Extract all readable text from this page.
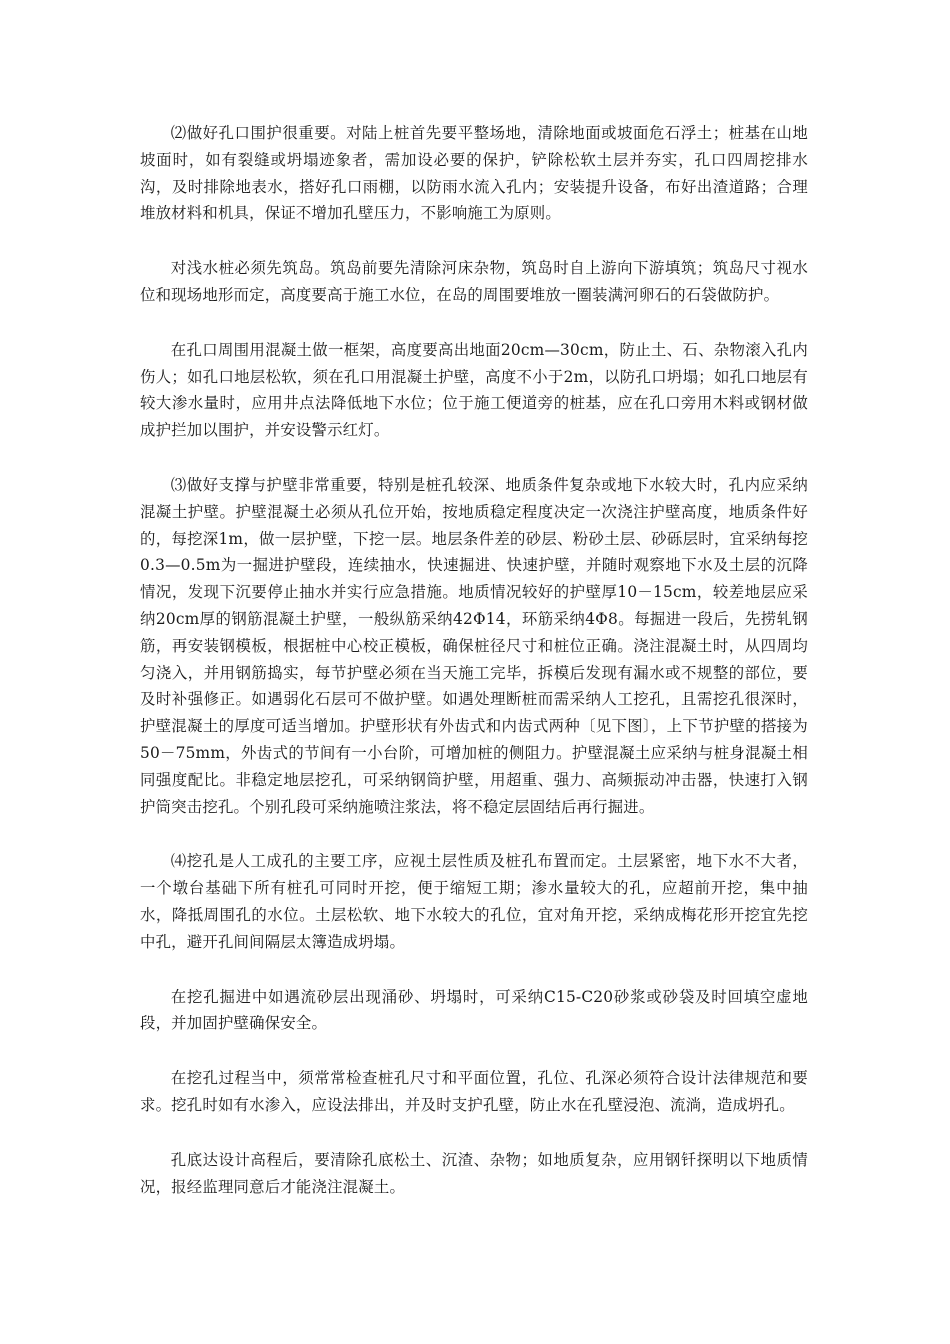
⑵做好孔口围护很重要。对陆上桩首先要平整场地，清除地面或坡面危石浮土；桩基在山地坡面时，如有裂缝或坍塌迹象者，需加设必要的保护，铲除松软土层并夯实，孔口四周挖排水沟，及时排除地表水，搭好孔口雨棚，以防雨水流入孔内；安装提升设备，布好出渣道路；合理堆放材料和机具，保证不增加孔壁压力，不影响施工为原则。

对浅水桩必须先筑岛。筑岛前要先清除河床杂物，筑岛时自上游向下游填筑；筑岛尺寸视水位和现场地形而定，高度要高于施工水位，在岛的周围要堆放一圈装满河卵石的石袋做防护。

在孔口周围用混凝土做一框架，高度要高出地面20cm—30cm，防止土、石、杂物滚入孔内伤人；如孔口地层松软，须在孔口用混凝土护壁，高度不小于2m，以防孔口坍塌；如孔口地层有较大渗水量时，应用井点法降低地下水位；位于施工便道旁的桩基，应在孔口旁用木料或钢材做成护拦加以围护，并安设警示红灯。

⑶做好支撑与护壁非常重要，特别是桩孔较深、地质条件复杂或地下水较大时，孔内应采纳混凝土护壁。护壁混凝土必须从孔位开始，按地质稳定程度决定一次浇注护壁高度，地质条件好的，每挖深1m，做一层护壁，下挖一层。地层条件差的砂层、粉砂土层、砂砾层时，宜采纳每挖0.3—0.5m为一掘进护壁段，连续抽水，快速掘进、快速护壁，并随时观察地下水及土层的沉降情况，发现下沉要停止抽水并实行应急措施。地质情况较好的护壁厚10－15cm，较差地层应采纳20cm厚的钢筋混凝土护壁，一般纵筋采纳42Φ14，环筋采纳4Φ8。每掘进一段后，先捞轧钢筋，再安装钢模板，根据桩中心校正模板，确保桩径尺寸和桩位正确。浇注混凝土时，从四周均匀浇入，并用钢筋捣实，每节护壁必须在当天施工完毕，拆模后发现有漏水或不规整的部位，要及时补强修正。如遇弱化石层可不做护壁。如遇处理断桩而需采纳人工挖孔，且需挖孔很深时，护壁混凝土的厚度可适当增加。护壁形状有外齿式和内齿式两种〔见下图〕，上下节护壁的搭接为50－75mm，外齿式的节间有一小台阶，可增加桩的侧阻力。护壁混凝土应采纳与桩身混凝土相同强度配比。非稳定地层挖孔，可采纳钢筒护壁，用超重、强力、高频振动冲击器，快速打入钢护筒突击挖孔。个别孔段可采纳施喷注浆法，将不稳定层固结后再行掘进。

⑷挖孔是人工成孔的主要工序，应视土层性质及桩孔布置而定。土层紧密，地下水不大者，一个墩台基础下所有桩孔可同时开挖，便于缩短工期；渗水量较大的孔，应超前开挖，集中抽水，降抵周围孔的水位。土层松软、地下水较大的孔位，宜对角开挖，采纳成梅花形开挖宜先挖中孔，避开孔间间隔层太簿造成坍塌。

在挖孔掘进中如遇流砂层出现涌砂、坍塌时，可采纳C15-C20砂浆或砂袋及时回填空虚地段，并加固护壁确保安全。

在挖孔过程当中，须常常检查桩孔尺寸和平面位置，孔位、孔深必须符合设计法律规范和要求。挖孔时如有水渗入，应设法排出，并及时支护孔壁，防止水在孔壁浸泡、流淌，造成坍孔。

孔底达设计高程后，要清除孔底松土、沉渣、杂物；如地质复杂，应用钢钎探明以下地质情况，报经监理同意后才能浇注混凝土。
